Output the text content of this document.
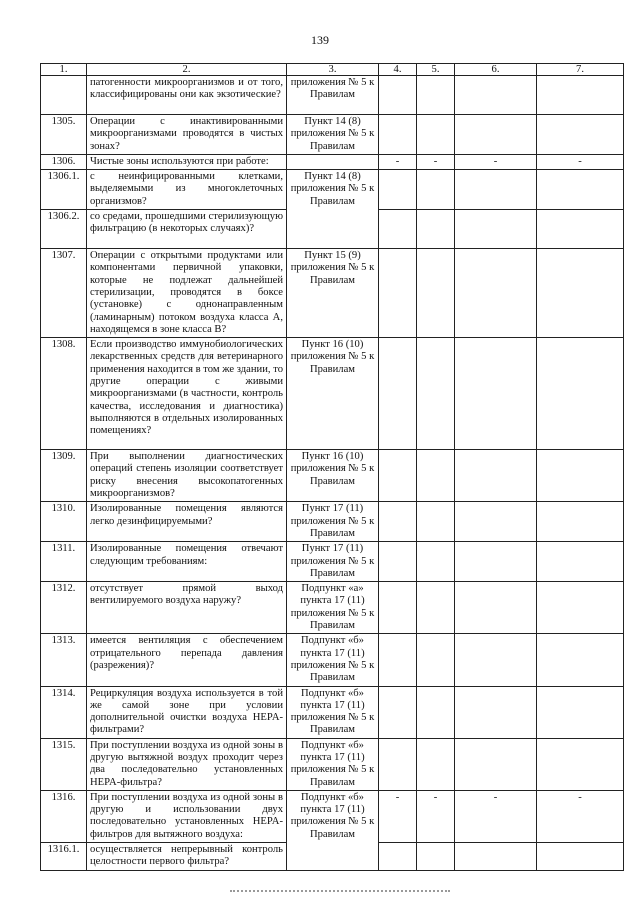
139
1.	2.	3.	4.	5.	6.	7.
	патогенности микроорганизмов и от того, классифицированы они как экзотические?	приложения № 5 к Правилам				
1305.	Операции с инактивированными микроорганизмами проводятся в чистых зонах?	Пункт 14 (8) приложения № 5 к Правилам				
1306.	Чистые зоны используются при работе:		-	-	-	-
1306.1.	с неинфицированными клетками, выделяемыми из многоклеточных организмов?	Пункт 14 (8) приложения № 5 к Правилам				
1306.2.	со средами, прошедшими стерилизующую фильтрацию (в некоторых случаях)?					
1307.	Операции с открытыми продуктами или компонентами первичной упаковки, которые не подлежат дальнейшей стерилизации, проводятся в боксе (установке) с однонаправленным (ламинарным) потоком воздуха класса A, находящемся в зоне класса B?	Пункт 15 (9) приложения № 5 к Правилам				
1308.	Если производство иммунобиологических лекарственных средств для ветеринарного применения находится в том же здании, то другие операции с живыми микроорганизмами (в частности, контроль качества, исследования и диагностика) выполняются в отдельных изолированных помещениях?	Пункт 16 (10) приложения № 5 к Правилам				
1309.	При выполнении диагностических операций степень изоляции соответствует риску внесения высокопатогенных микроорганизмов?	Пункт 16 (10) приложения № 5 к Правилам				
1310.	Изолированные помещения являются легко дезинфицируемыми?	Пункт 17 (11) приложения № 5 к Правилам				
1311.	Изолированные помещения отвечают следующим требованиям:	Пункт 17 (11) приложения № 5 к Правилам				
1312.	отсутствует прямой выход вентилируемого воздуха наружу?	Подпункт «а» пункта 17 (11) приложения № 5 к Правилам				
1313.	имеется вентиляция с обеспечением отрицательного перепада давления (разрежения)?	Подпункт «б» пункта 17 (11) приложения № 5 к Правилам				
1314.	Рециркуляция воздуха используется в той же самой зоне при условии дополнительной очистки воздуха HEPA-фильтрами?	Подпункт «б» пункта 17 (11) приложения № 5 к Правилам				
1315.	При поступлении воздуха из одной зоны в другую вытяжной воздух проходит через два последовательно установленных HEPA-фильтра?	Подпункт «б» пункта 17 (11) приложения № 5 к Правилам				
1316.	При поступлении воздуха из одной зоны в другую и использовании двух последовательно установленных HEPA-фильтров для вытяжного воздуха:	Подпункт «б» пункта 17 (11) приложения № 5 к Правилам	-	-	-	-
1316.1.	осуществляется непрерывный контроль целостности первого фильтра?					
